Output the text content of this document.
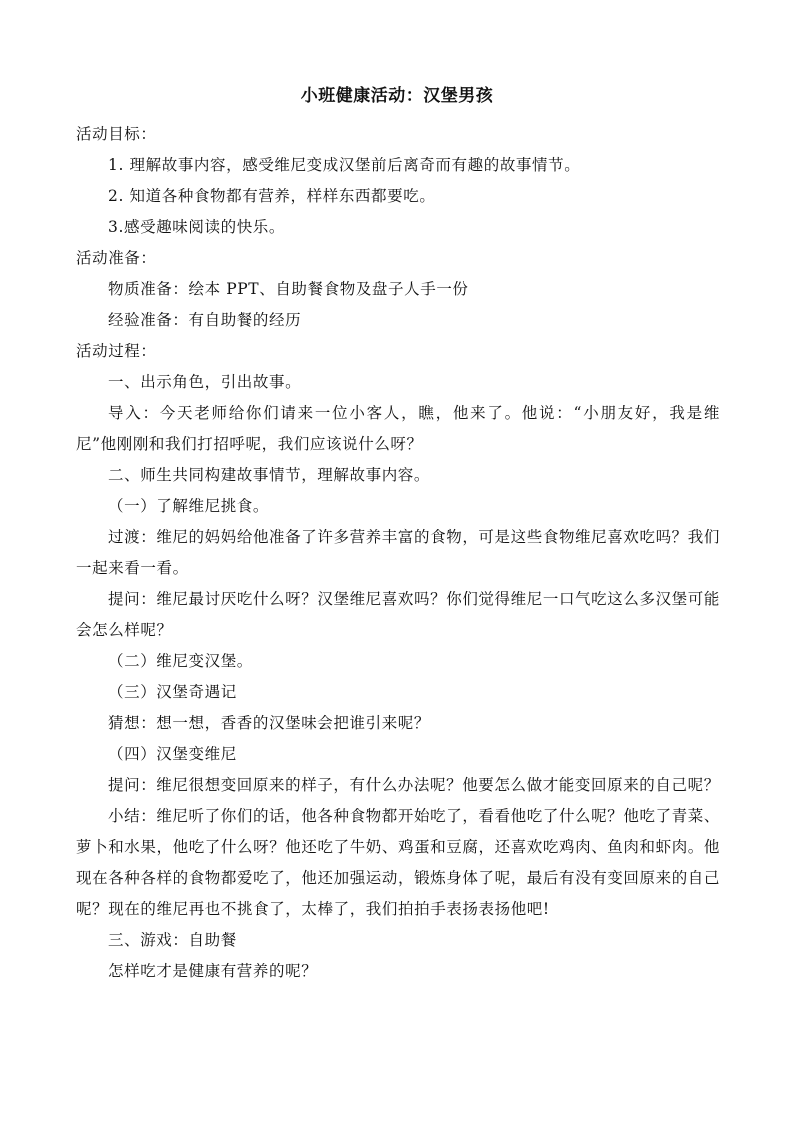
小班健康活动：汉堡男孩
活动目标：
1. 理解故事内容，感受维尼变成汉堡前后离奇而有趣的故事情节。
2. 知道各种食物都有营养，样样东西都要吃。
3.感受趣味阅读的快乐。
活动准备：
物质准备：绘本 PPT、自助餐食物及盘子人手一份
经验准备：有自助餐的经历
活动过程：
一、出示角色，引出故事。
导入：今天老师给你们请来一位小客人，瞧，他来了。他说：“小朋友好，我是维尼”他刚刚和我们打招呼呢，我们应该说什么呀？
二、师生共同构建故事情节，理解故事内容。
（一）了解维尼挑食。
过渡：维尼的妈妈给他准备了许多营养丰富的食物，可是这些食物维尼喜欢吃吗？我们一起来看一看。
提问：维尼最讨厌吃什么呀？汉堡维尼喜欢吗？你们觉得维尼一口气吃这么多汉堡可能会怎么样呢？
（二）维尼变汉堡。
（三）汉堡奇遇记
猜想：想一想，香香的汉堡味会把谁引来呢？
（四）汉堡变维尼
提问：维尼很想变回原来的样子，有什么办法呢？他要怎么做才能变回原来的自己呢？
小结：维尼听了你们的话，他各种食物都开始吃了，看看他吃了什么呢？他吃了青菜、萝卜和水果，他吃了什么呀？他还吃了牛奶、鸡蛋和豆腐，还喜欢吃鸡肉、鱼肉和虾肉。他现在各种各样的食物都爱吃了，他还加强运动，锻炼身体了呢，最后有没有变回原来的自己呢？现在的维尼再也不挑食了，太棒了，我们拍拍手表扬表扬他吧!
三、游戏：自助餐
怎样吃才是健康有营养的呢？
